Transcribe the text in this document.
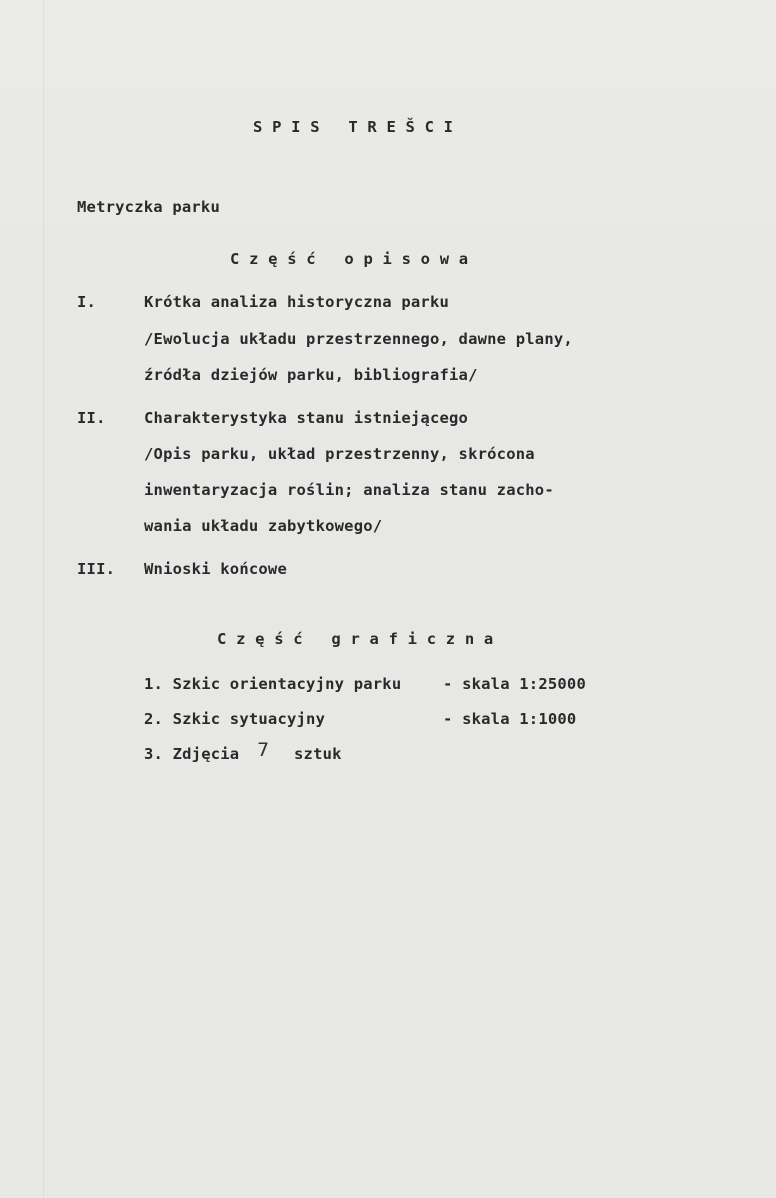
S P I S   T R E Š C I
Metryczka parku
C z ę ś ć   o p i s o w a
I.	Krótka analiza historyczna parku
/Ewolucja układu przestrzennego, dawne plany,
źródła dziejów parku, bibliografia/
II. Charakterystyka stanu istniejącego
/Opis parku, układ przestrzenny, skrócona
inwentaryzacja roślin; analiza stanu zacho-
wania układu zabytkowego/
III. Wnioski końcowe
C z ę ś ć   g r a f i c z n a
1. Szkic orientacyjny parku	- skala 1:25000
2. Szkic sytuacyjny	- skala 1:1000
3. Zdjęcia 7 sztuk
